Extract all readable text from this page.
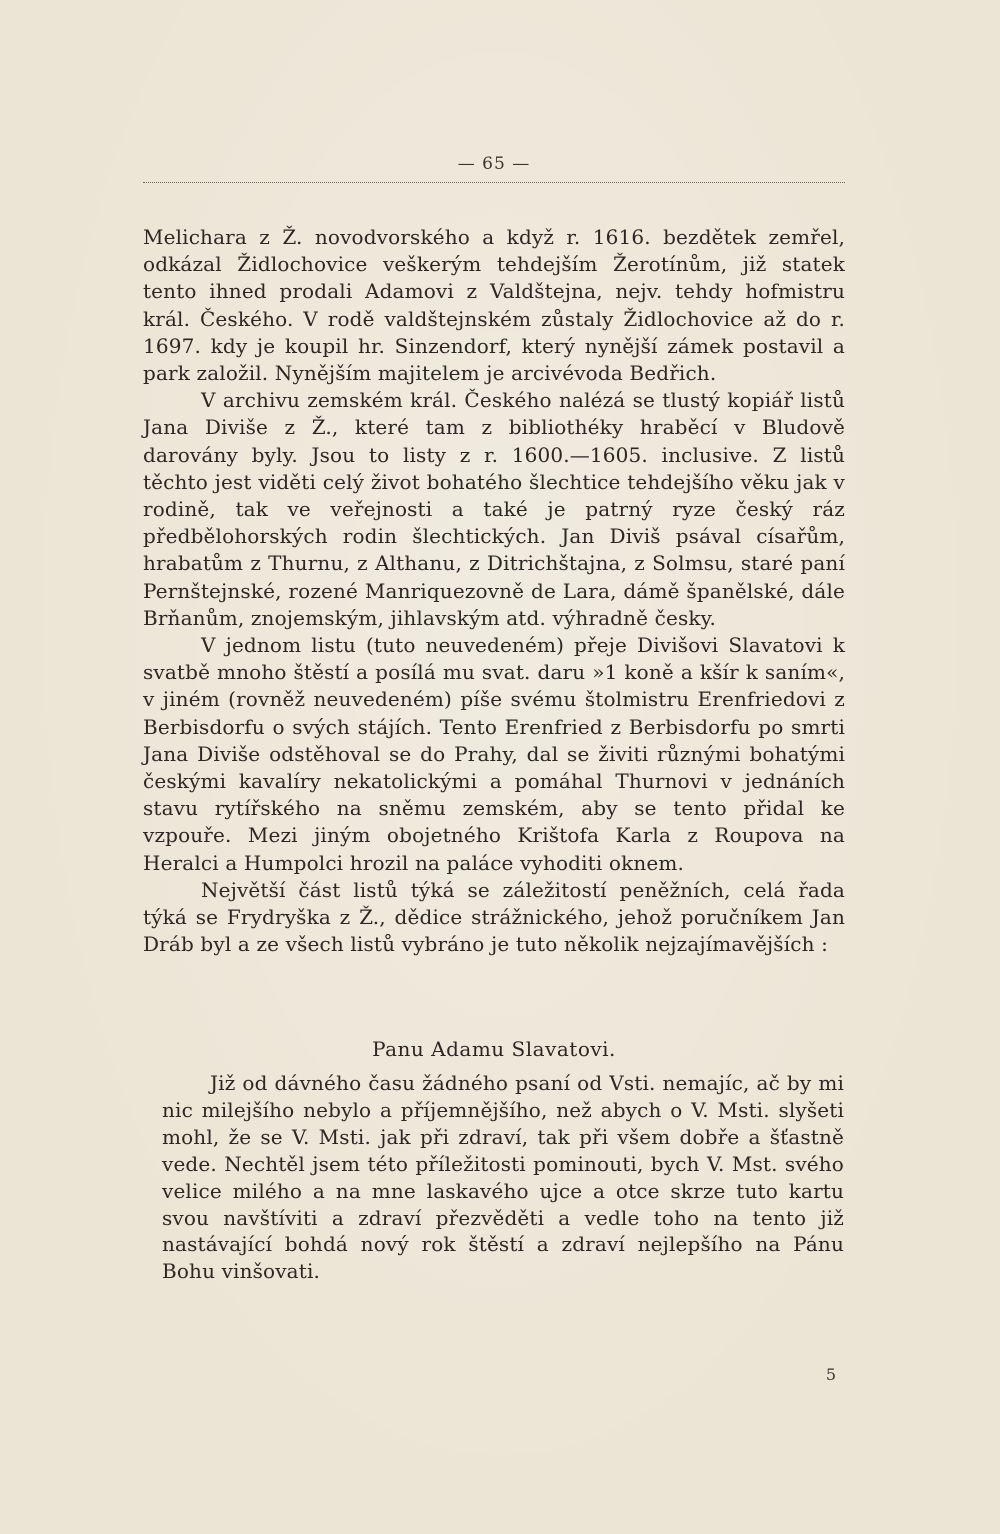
— 65 —

Melichara z Ž. novodvorského a když r. 1616. bezdětek zemřel, odkázal Židlochovice veškerým tehdejším Žerotínům, již statek tento ihned prodali Adamovi z Valdštejna, nejv. tehdy hofmistru král. Českého. V rodě valdštejnském zůstaly Židlochovice až do r. 1697. kdy je koupil hr. Sinzendorf, který nynější zámek postavil a park založil. Nynějším majitelem je arcivévoda Bedřich.

V archivu zemském král. Českého nalézá se tlustý kopiář listů Jana Diviše z Ž., které tam z bibliothéky hraběcí v Bludově darovány byly. Jsou to listy z r. 1600.—1605. inclusive. Z listů těchto jest viděti celý život bohatého šlechtice tehdejšího věku jak v rodině, tak ve veřejnosti a také je patrný ryze český ráz předbělohorských rodin šlechtických. Jan Diviš psával císařům, hrabatům z Thurnu, z Althanu, z Ditrichštajna, z Solmsu, staré paní Pernštejnské, rozené Manriquezovně de Lara, dámě španělské, dále Brňanům, znojemským, jihlavským atd. výhradně česky.

V jednom listu (tuto neuvedeném) přeje Divišovi Slavatovi k svatbě mnoho štěstí a posílá mu svat. daru »1 koně a kšír k saním«, v jiném (rovněž neuvedeném) píše svému štolmistru Erenfriedovi z Berbisdorfu o svých stájích. Tento Erenfried z Berbisdorfu po smrti Jana Diviše odstěhoval se do Prahy, dal se živiti různými bohatými českými kavalíry nekatolickými a pomáhal Thurnovi v jednáních stavu rytířského na sněmu zemském, aby se tento přidal ke vzpouře. Mezi jiným obojetného Krištofa Karla z Roupova na Heralci a Humpolci hrozil na paláce vyhoditi oknem.

Největší část listů týká se záležitostí peněžních, celá řada týká se Frydryška z Ž., dědice strážnického, jehož poručníkem Jan Dráb byl a ze všech listů vybráno je tuto několik nejzajímavějších :

Panu Adamu Slavatovi.

Již od dávného času žádného psaní od Vsti. nemajíc, ač by mi nic milejšího nebylo a příjemnějšího, než abych o V. Msti. slyšeti mohl, že se V. Msti. jak při zdraví, tak při všem dobře a šťastně vede. Nechtěl jsem této příležitosti pominouti, bych V. Mst. svého velice milého a na mne laskavého ujce a otce skrze tuto kartu svou navštíviti a zdraví přezvěděti a vedle toho na tento již nastávající bohdá nový rok štěstí a zdraví nejlepšího na Pánu Bohu vinšovati.

5
